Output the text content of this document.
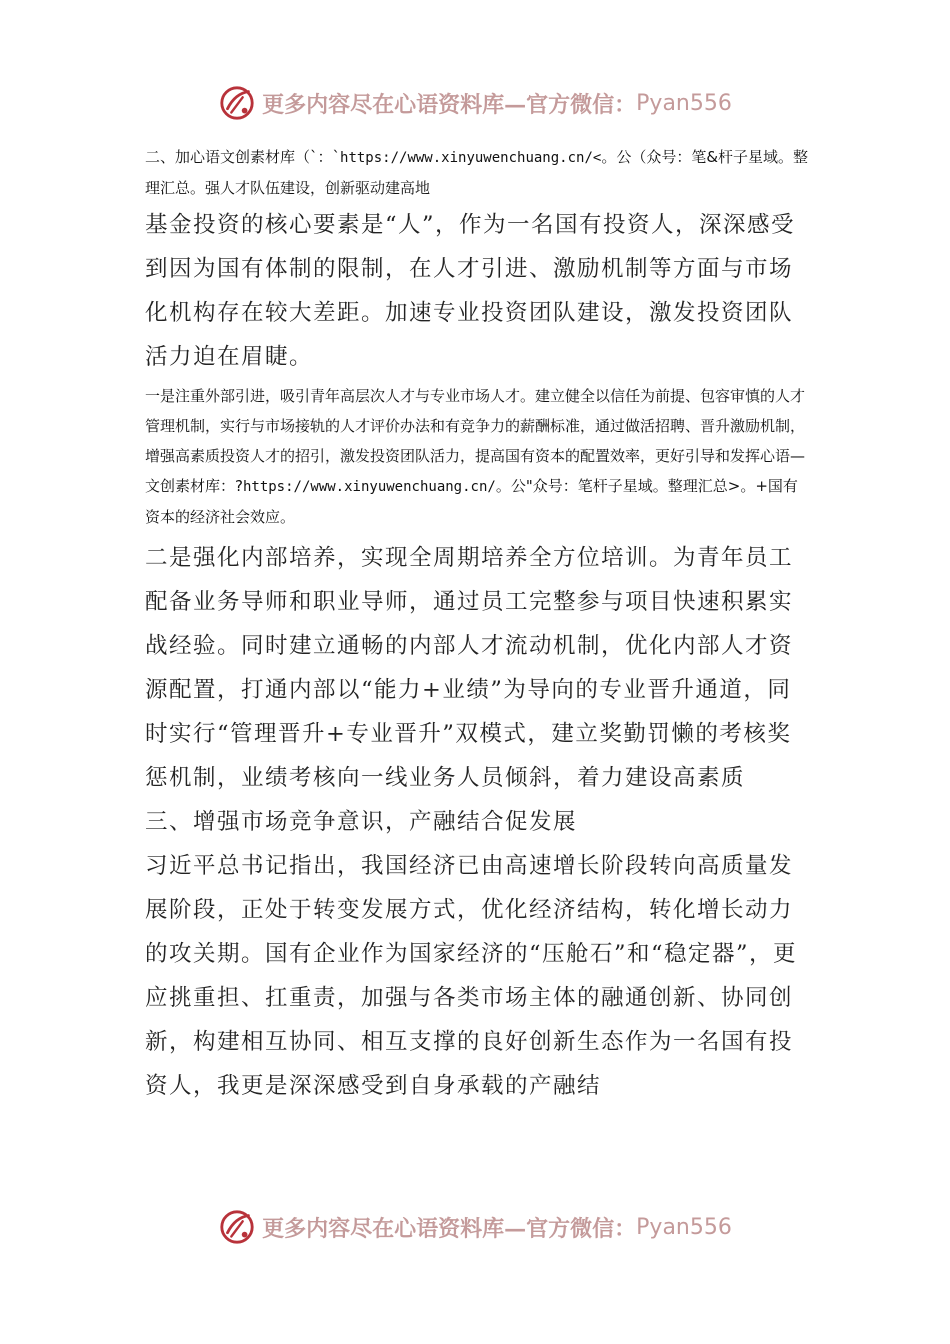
更多内容尽在心语资料库—官方微信： Pyan556

二、加心语文创素材库（`：`https://www.xinyuwenchuang.cn/<。公（众号：笔&杆子星域。整理汇总。强人才队伍建设，创新驱动建高地

基金投资的核心要素是“人”，作为一名国有投资人，深深感受到因为国有体制的限制，在人才引进、激励机制等方面与市场化机构存在较大差距。加速专业投资团队建设，激发投资团队活力迫在眉睫。

一是注重外部引进，吸引青年高层次人才与专业市场人才。建立健全以信任为前提、包容审慎的人才管理机制，实行与市场接轨的人才评价办法和有竞争力的薪酬标准，通过做活招聘、晋升激励机制，增强高素质投资人才的招引，激发投资团队活力，提高国有资本的配置效率，更好引导和发挥心语—文创素材库：?https://www.xinyuwenchuang.cn/。公"众号：笔杆子星域。整理汇总>。+国有资本的经济社会效应。

二是强化内部培养，实现全周期培养全方位培训。为青年员工配备业务导师和职业导师，通过员工完整参与项目快速积累实战经验。同时建立通畅的内部人才流动机制，优化内部人才资源配置，打通内部以“能力+业绩”为导向的专业晋升通道，同时实行“管理晋升+专业晋升”双模式，建立奖勤罚懒的考核奖惩机制，业绩考核向一线业务人员倾斜，着力建设高素质

三、增强市场竞争意识，产融结合促发展

习近平总书记指出，我国经济已由高速增长阶段转向高质量发展阶段，正处于转变发展方式，优化经济结构，转化增长动力的攻关期。国有企业作为国家经济的“压舱石”和“稳定器”，更应挑重担、扛重责，加强与各类市场主体的融通创新、协同创新，构建相互协同、相互支撑的良好创新生态作为一名国有投资人，我更是深深感受到自身承载的产融结

更多内容尽在心语资料库—官方微信： Pyan556
